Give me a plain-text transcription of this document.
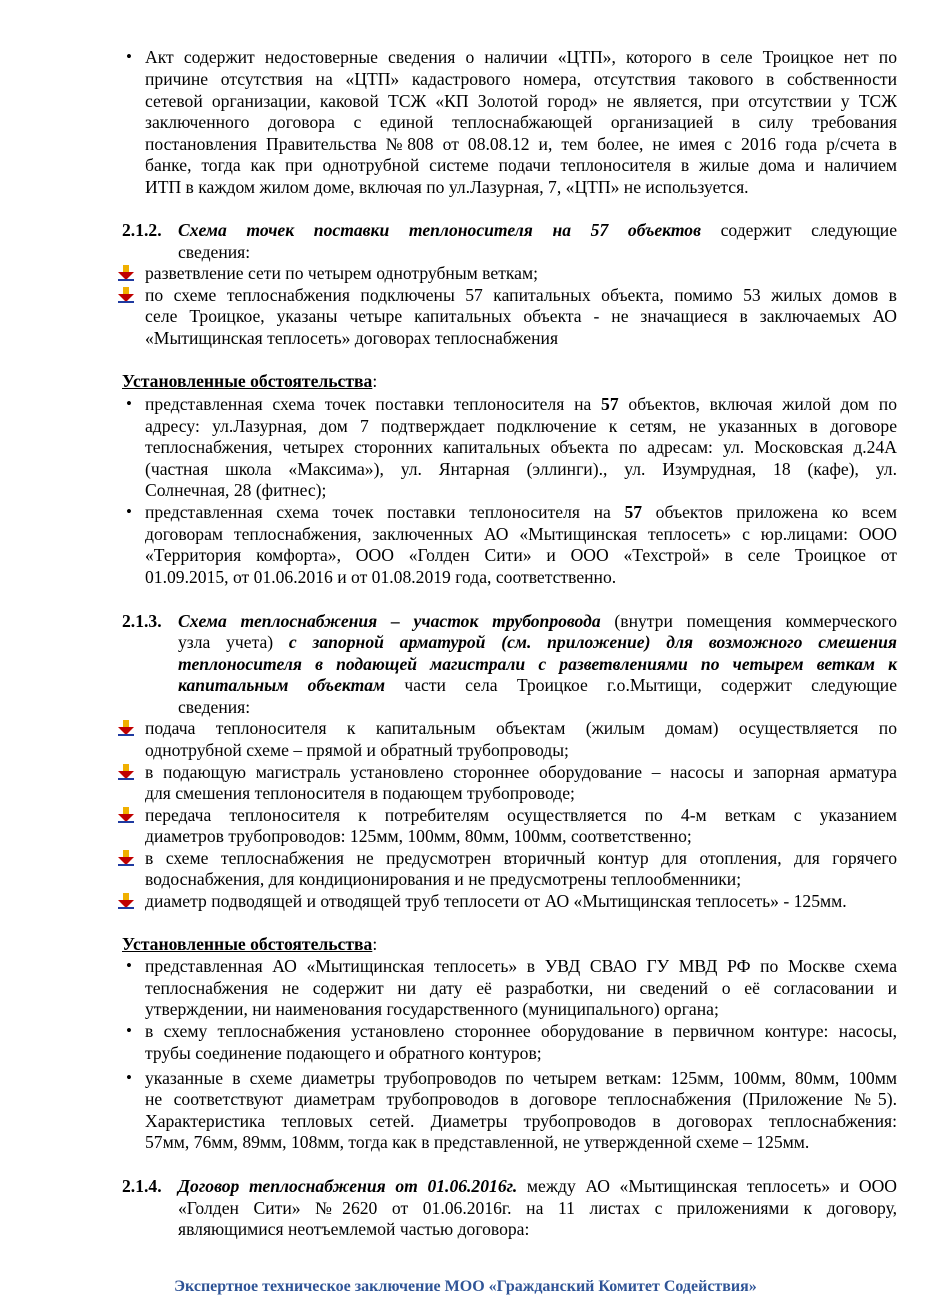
• Акт содержит недостоверные сведения о наличии «ЦТП», которого в селе Троицкое нет по
причине отсутствия на «ЦТП» кадастрового номера, отсутствия такового в собственности
сетевой организации, каковой ТСЖ «КП Золотой город» не является, при отсутствии у ТСЖ
заключенного договора с единой теплоснабжающей организацией в силу требования
постановления Правительства №808 от 08.08.12 и, тем более, не имея с 2016 года р/счета в
банке, тогда как при однотрубной системе подачи теплоносителя в жилые дома и наличием
ИТП в каждом жилом доме, включая по ул.Лазурная, 7, «ЦТП» не используется.
2.1.2. Схема точек поставки теплоносителя на 57 объектов содержит следующие
сведения:
разветвление сети по четырем однотрубным веткам;
по схеме теплоснабжения подключены 57 капитальных объекта, помимо 53 жилых домов в
селе Троицкое, указаны четыре капитальных объекта - не значащиеся в заключаемых АО
«Мытищинская теплосеть» договорах теплоснабжения
Установленные обстоятельства:
• представленная схема точек поставки теплоносителя на 57 объектов, включая жилой дом по
адресу: ул.Лазурная, дом 7 подтверждает подключение к сетям, не указанных в договоре
теплоснабжения, четырех сторонних капитальных объекта по адресам: ул. Московская д.24А
(частная школа «Максима»), ул. Янтарная (эллинги)., ул. Изумрудная, 18 (кафе), ул.
Солнечная, 28 (фитнес);
• представленная схема точек поставки теплоносителя на 57 объектов приложена ко всем
договорам теплоснабжения, заключенных АО «Мытищинская теплосеть» с юр.лицами: ООО
«Территория комфорта», ООО «Голден Сити» и ООО «Техстрой» в селе Троицкое от
01.09.2015, от 01.06.2016 и от 01.08.2019 года, соответственно.
2.1.3. Схема теплоснабжения – участок трубопровода (внутри помещения коммерческого
узла учета) с запорной арматурой (см. приложение) для возможного смешения
теплоносителя в подающей магистрали с разветвлениями по четырем веткам к
капитальным объектам части села Троицкое г.о.Мытищи, содержит следующие
сведения:
подача теплоносителя к капитальным объектам (жилым домам) осуществляется по
однотрубной схеме – прямой и обратный трубопроводы;
в подающую магистраль установлено стороннее оборудование – насосы и запорная арматура
для смешения теплоносителя в подающем трубопроводе;
передача теплоносителя к потребителям осуществляется по 4-м веткам с указанием
диаметров трубопроводов: 125мм, 100мм, 80мм, 100мм, соответственно;
в схеме теплоснабжения не предусмотрен вторичный контур для отопления, для горячего
водоснабжения, для кондиционирования и не предусмотрены теплообменники;
диаметр подводящей и отводящей труб теплосети от АО «Мытищинская теплосеть» - 125мм.
Установленные обстоятельства:
• представленная АО «Мытищинская теплосеть» в УВД СВАО ГУ МВД РФ по Москве схема
теплоснабжения не содержит ни дату её разработки, ни сведений о её согласовании и
утверждении, ни наименования государственного (муниципального) органа;
• в схему теплоснабжения установлено стороннее оборудование в первичном контуре: насосы,
трубы соединение подающего и обратного контуров;
• указанные в схеме диаметры трубопроводов по четырем веткам: 125мм, 100мм, 80мм, 100мм
не соответствуют диаметрам трубопроводов в договоре теплоснабжения (Приложение №5).
Характеристика тепловых сетей. Диаметры трубопроводов в договорах теплоснабжения:
57мм, 76мм, 89мм, 108мм, тогда как в представленной, не утвержденной схеме – 125мм.
2.1.4. Договор теплоснабжения от 01.06.2016г. между АО «Мытищинская теплосеть» и ООО
«Голден Сити» №2620 от 01.06.2016г. на 11 листах с приложениями к договору,
являющимися неотъемлемой частью договора:
Экспертное техническое заключение МОО «Гражданский Комитет Содействия»
